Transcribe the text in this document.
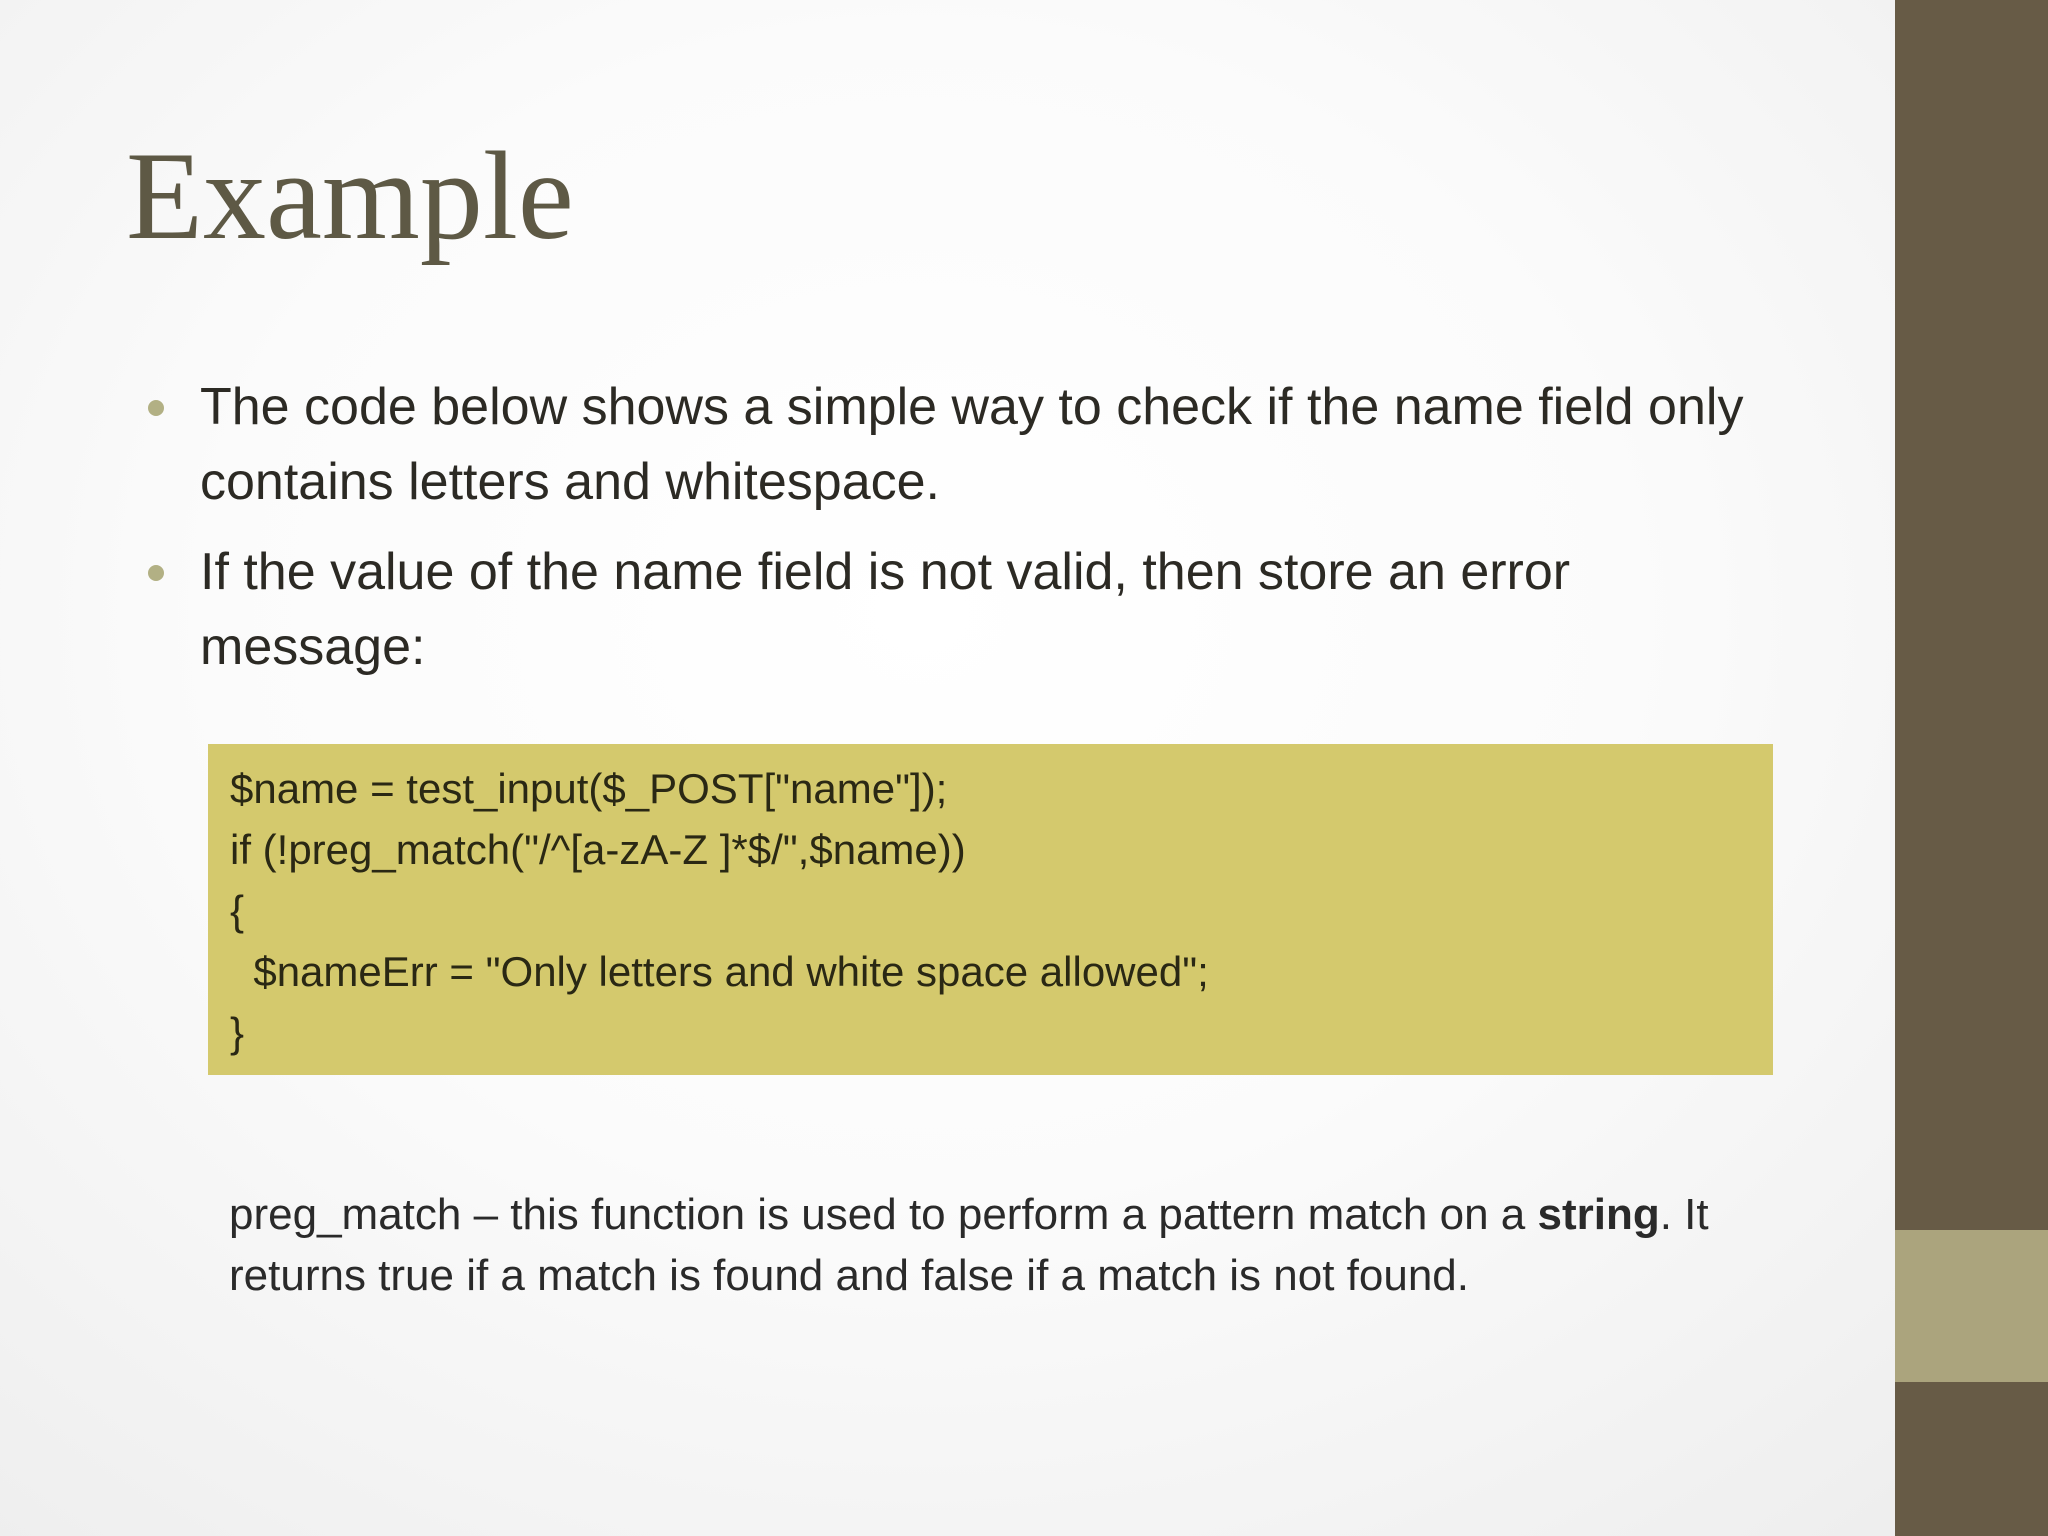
Example
The code below shows a simple way to check if the name field only contains letters and whitespace.
If the value of the name field is not valid, then store an error message:
$name = test_input($_POST["name"]);
if (!preg_match("/^[a-zA-Z ]*$/",$name))
{
$nameErr = "Only letters and white space allowed";
}
preg_match – this function is used to perform a pattern match on a string. It returns true if a match is found and false if a match is not found.
